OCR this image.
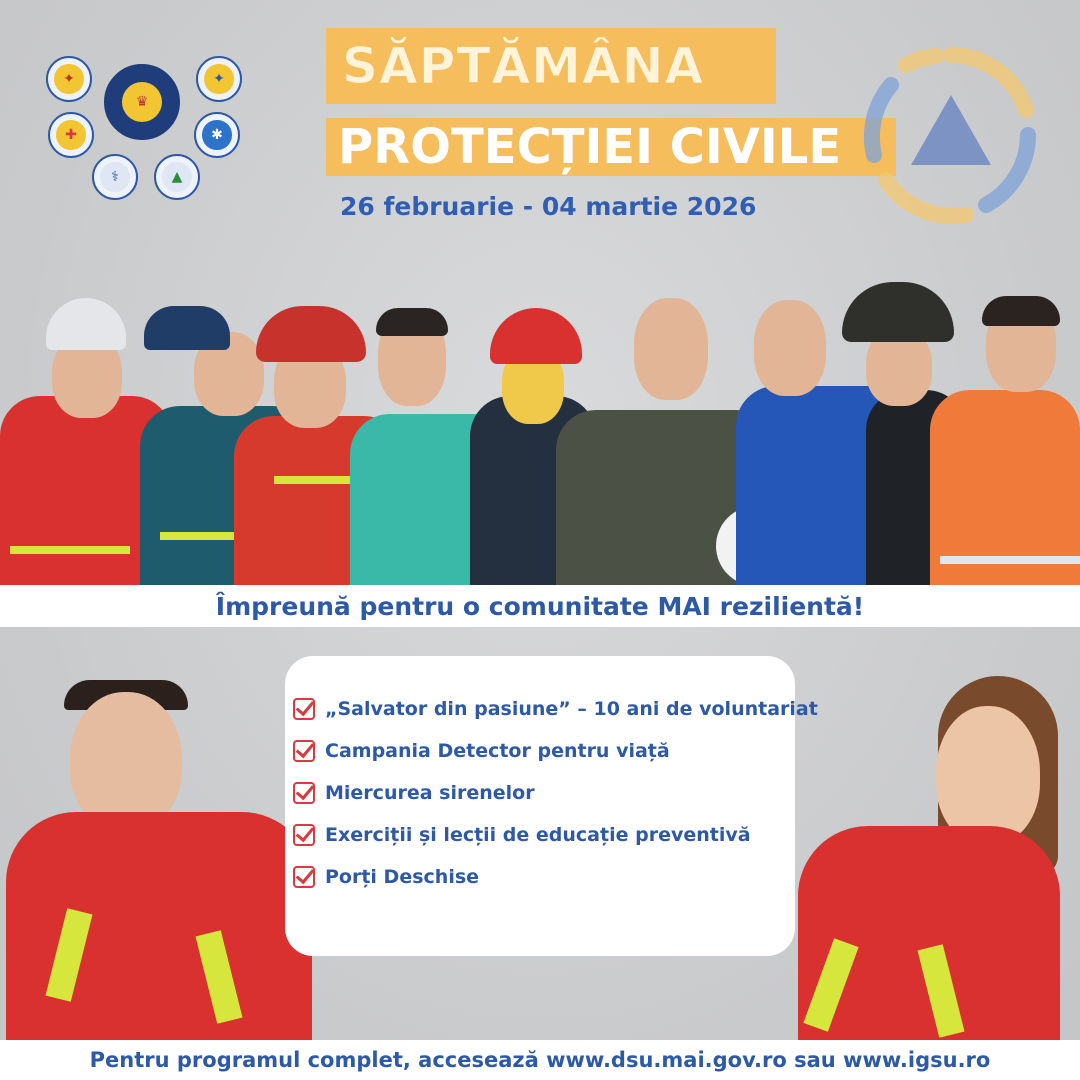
✦
♛
✦
✚	✱
⚕	▲
SĂPTĂMÂNA
PROTECȚIEI CIVILE
26 februarie - 04 martie 2026
Împreună pentru o comunitate MAI rezilientă!
„Salvator din pasiune” – 10 ani de voluntariat
Campania Detector pentru viață
Miercurea sirenelor
Exerciții și lecții de educație preventivă
Porți Deschise
Pentru programul complet, accesează www.dsu.mai.gov.ro sau www.igsu.ro
